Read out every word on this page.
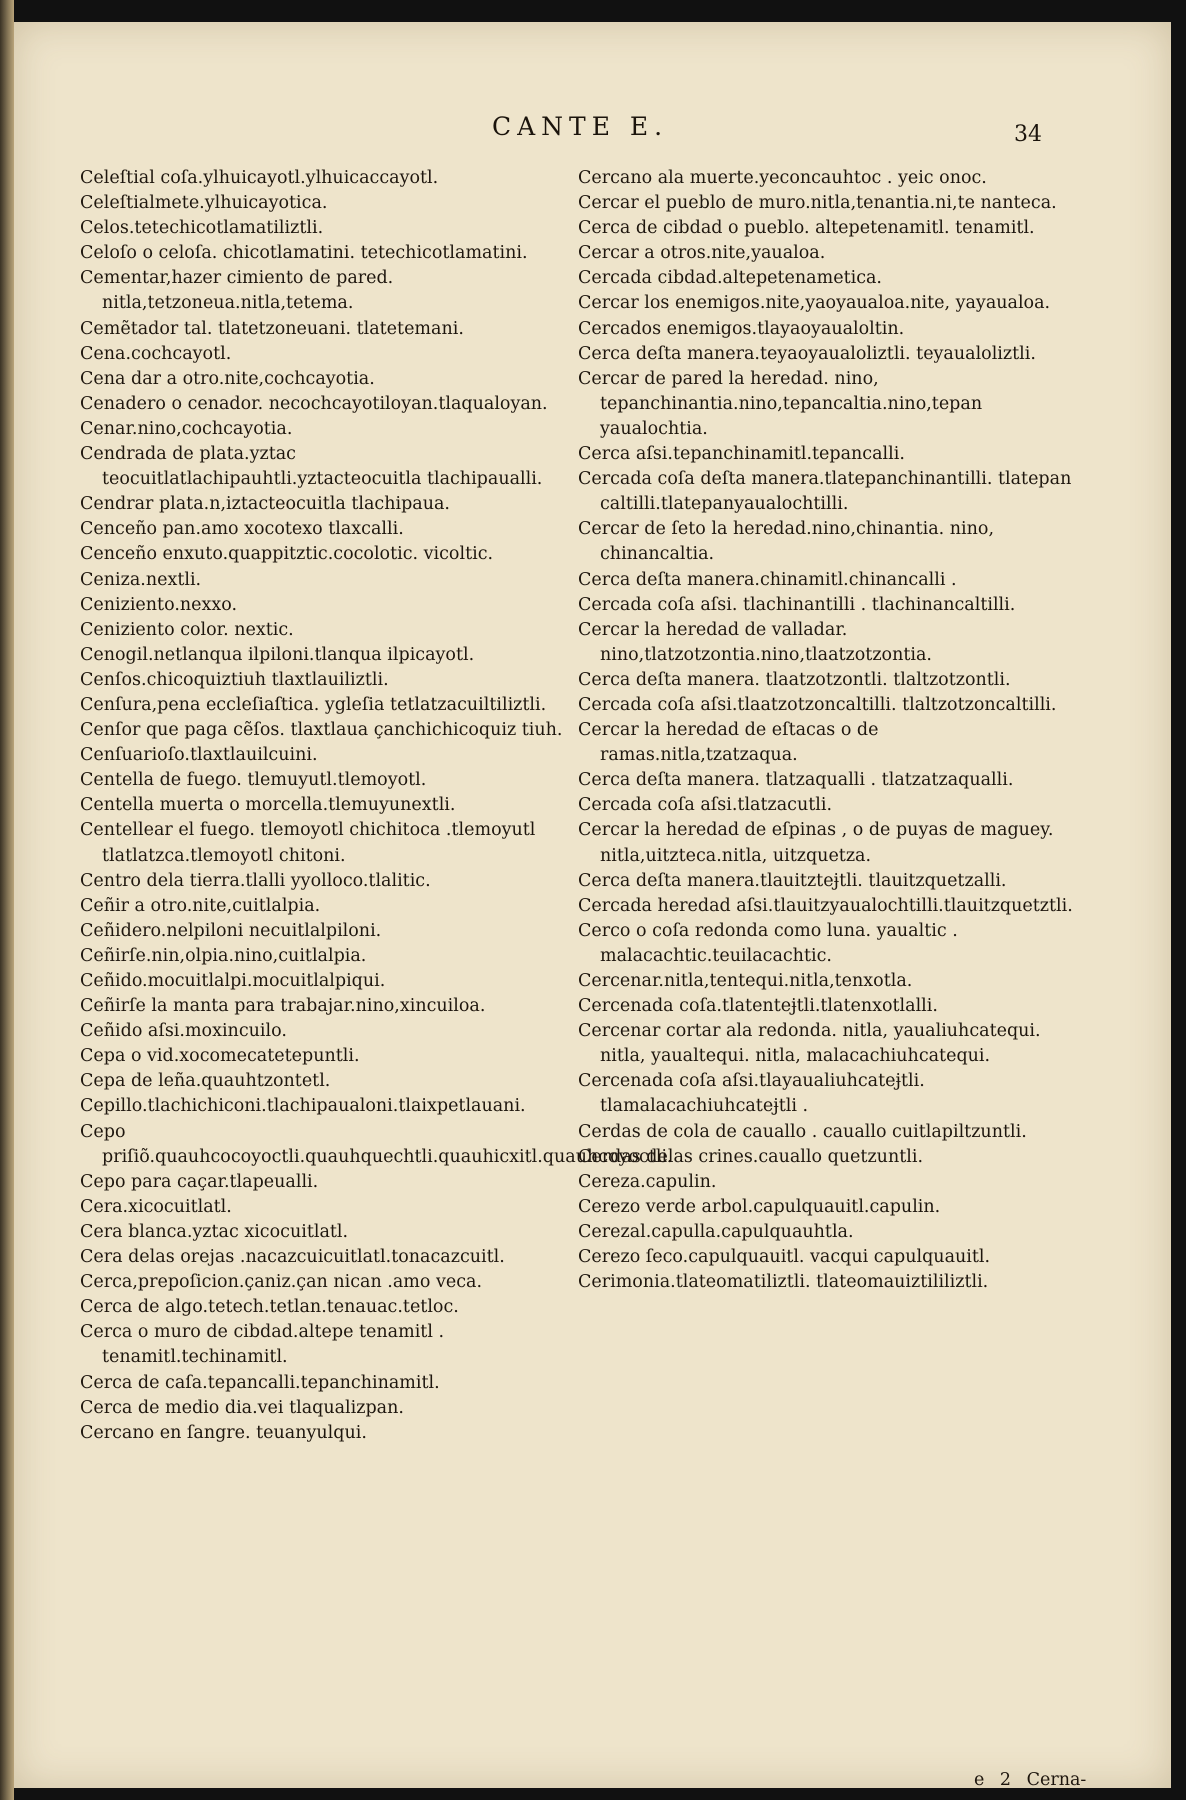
CANTE E.	34

Celeſtial coſa.ylhuicayotl.ylhuicaccayotl.

Celeſtialmete.ylhuicayotica.

Celos.tetechicotlamatiliztli.

Celoſo o celoſa. chicotlamatini. tetechicotlamatini.

Cementar,hazer cimiento de pared. nitla,tetzoneua.nitla,tetema.

Cemẽtador tal. tlatetzoneuani. tlatetemani.

Cena.cochcayotl.

Cena dar a otro.nite,cochcayotia.

Cenadero o cenador. necochcayotiloyan.tlaqualoyan.

Cenar.nino,cochcayotia.

Cendrada de plata.yztac teocuitlatlachipauhtli.yztacteocuitla tlachipaualli.

Cendrar plata.n,iztacteocuitla tlachipaua.

Cenceño pan.amo xocotexo tlaxcalli.

Cenceño enxuto.quappitztic.cocolotic. vicoltic.

Ceniza.nextli.

Ceniziento.nexxo.

Ceniziento color. nextic.

Cenogil.netlanqua ilpiloni.tlanqua ilpicayotl.

Cenſos.chicoquiztiuh tlaxtlauiliztli.

Cenſura,pena eccleſiaſtica. ygleſia tetlatzacuiltiliztli.

Cenſor que paga cẽſos. tlaxtlaua çanchichicoquiz tiuh.

Cenſuarioſo.tlaxtlauilcuini.

Centella de fuego. tlemuyutl.tlemoyotl.

Centella muerta o morcella.tlemuyunextli.

Centellear el fuego. tlemoyotl chichitoca .tlemoyutl tlatlatzca.tlemoyotl chitoni.

Centro dela tierra.tlalli yyolloco.tlalitic.

Ceñir a otro.nite,cuitlalpia.

Ceñidero.nelpiloni necuitlalpiloni.

Ceñirſe.nin,olpia.nino,cuitlalpia.

Ceñido.mocuitlalpi.mocuitlalpiqui.

Ceñirſe la manta para trabajar.nino,xincuiloa.

Ceñido aſsi.moxincuilo.

Cepa o vid.xocomecatetepuntli.

Cepa de leña.quauhtzontetl.

Cepillo.tlachichiconi.tlachipaualoni.tlaixpetlauani.

Cepo priſiõ.quauhcocoyoctli.quauhquechtli.quauhicxitl.quauhcoyoctli.

Cepo para caçar.tlapeualli.

Cera.xicocuitlatl.

Cera blanca.yztac xicocuitlatl.

Cera delas orejas .nacazcuicuitlatl.tonacazcuitl.

Cerca,prepoſicion.çaniz.çan nican .amo veca.

Cerca de algo.tetech.tetlan.tenauac.tetloc.

Cerca o muro de cibdad.altepe tenamitl . tenamitl.techinamitl.

Cerca de caſa.tepancalli.tepanchinamitl.

Cerca de medio dia.vei tlaqualizpan.

Cercano en ſangre. teuanyulqui.

Cercano ala muerte.yeconcauhtoc . yeic onoc.

Cercar el pueblo de muro.nitla,tenantia.ni,te nanteca.

Cerca de cibdad o pueblo. altepetenamitl. tenamitl.

Cercar a otros.nite,yaualoa.

Cercada cibdad.altepetenametica.

Cercar los enemigos.nite,yaoyaualoa.nite, yayaualoa.

Cercados enemigos.tlayaoyaualoltin.

Cerca deſta manera.teyaoyaualoliztli. teyaualoliztli.

Cercar de pared la heredad. nino, tepanchinantia.nino,tepancaltia.nino,tepan yaualochtia.

Cerca aſsi.tepanchinamitl.tepancalli.

Cercada coſa deſta manera.tlatepanchinantilli. tlatepan caltilli.tlatepanyaualochtilli.

Cercar de ſeto la heredad.nino,chinantia. nino, chinancaltia.

Cerca deſta manera.chinamitl.chinancalli .

Cercada coſa aſsi. tlachinantilli . tlachinancaltilli.

Cercar la heredad de valladar. nino,tlatzotzontia.nino,tlaatzotzontia.

Cerca deſta manera. tlaatzotzontli. tlaltzotzontli.

Cercada coſa aſsi.tlaatzotzoncaltilli. tlaltzotzoncaltilli.

Cercar la heredad de eſtacas o de ramas.nitla,tzatzaqua.

Cerca deſta manera. tlatzaqualli . tlatzatzaqualli.

Cercada coſa aſsi.tlatzacutli.

Cercar la heredad de eſpinas , o de puyas de maguey. nitla,uitzteca.nitla, uitzquetza.

Cerca deſta manera.tlauitzteɉtli. tlauitzquetzalli.

Cercada heredad aſsi.tlauitzyaualochtilli.tlauitzquetztli.

Cerco o coſa redonda como luna. yaualtic . malacachtic.teuilacachtic.

Cercenar.nitla,tentequi.nitla,tenxotla.

Cercenada coſa.tlatenteɉtli.tlatenxotlalli.

Cercenar cortar ala redonda. nitla, yaualiuhcatequi. nitla, yaualtequi. nitla, malacachiuhcatequi.

Cercenada coſa aſsi.tlayaualiuhcateɉtli. tlamalacachiuhcateɉtli .

Cerdas de cola de cauallo . cauallo cuitlapiltzuntli.

Cerdas delas crines.cauallo quetzuntli.

Cereza.capulin.

Cerezo verde arbol.capulquauitl.capulin.

Cerezal.capulla.capulquauhtla.

Cerezo ſeco.capulquauitl. vacqui capulquauitl.

Cerimonia.tlateomatiliztli. tlateomauiztililiztli.

e 2 Cerna-
